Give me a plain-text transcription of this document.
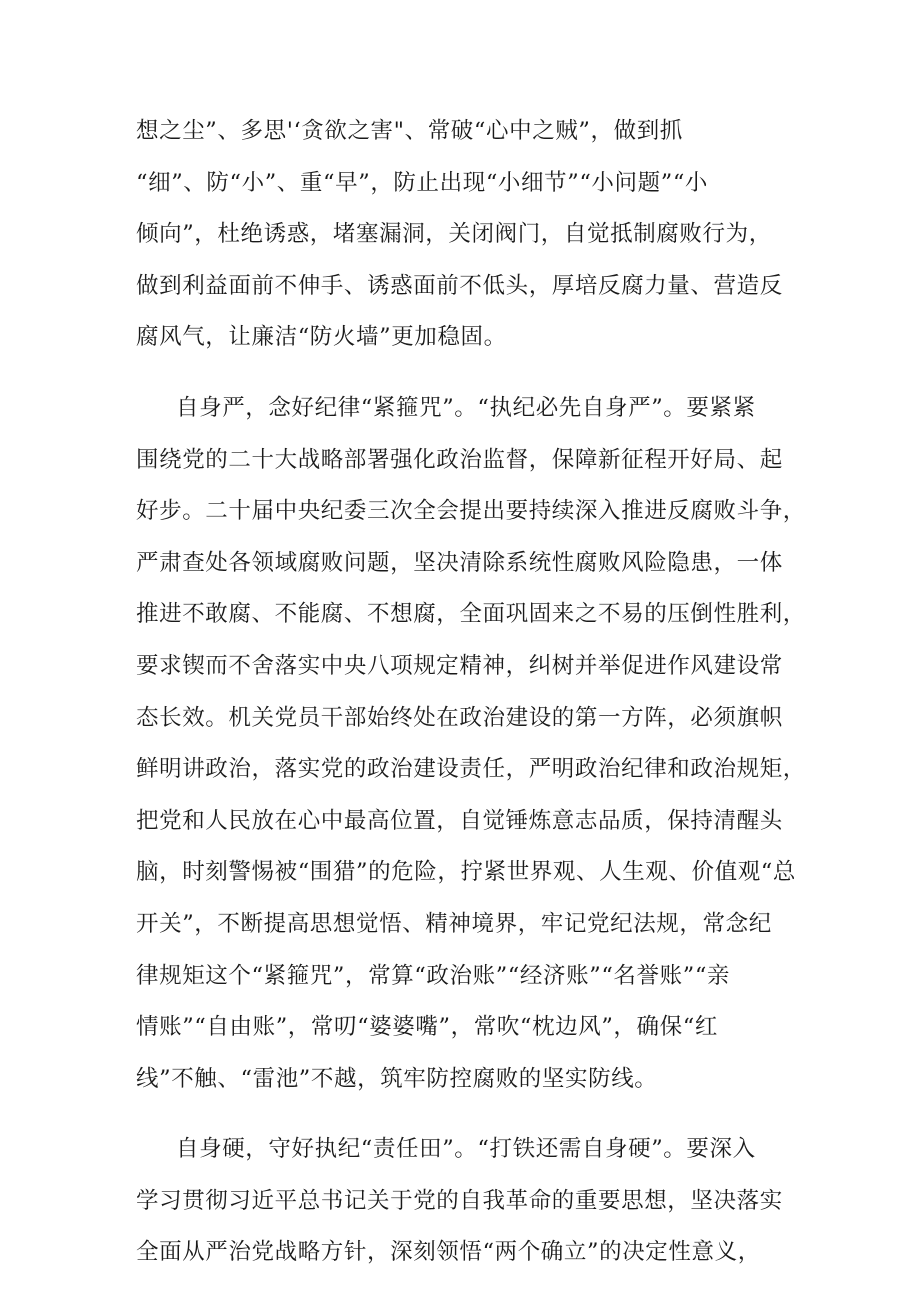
想之尘”、多思'‘贪欲之害"、常破“心中之贼”，做到抓
“细”、防“小”、重“早”，防止出现“小细节”“小问题”“小
倾向”，杜绝诱惑，堵塞漏洞，关闭阀门，自觉抵制腐败行为，
做到利益面前不伸手、诱惑面前不低头，厚培反腐力量、营造反
腐风气，让廉洁“防火墙”更加稳固。
自身严，念好纪律“紧箍咒”。“执纪必先自身严”。要紧紧
围绕党的二十大战略部署强化政治监督，保障新征程开好局、起
好步。二十届中央纪委三次全会提出要持续深入推进反腐败斗争，
严肃查处各领域腐败问题，坚决清除系统性腐败风险隐患，一体
推进不敢腐、不能腐、不想腐，全面巩固来之不易的压倒性胜利，
要求锲而不舍落实中央八项规定精神，纠树并举促进作风建设常
态长效。机关党员干部始终处在政治建设的第一方阵，必须旗帜
鲜明讲政治，落实党的政治建设责任，严明政治纪律和政治规矩，
把党和人民放在心中最高位置，自觉锤炼意志品质，保持清醒头
脑，时刻警惕被“围猎”的危险，拧紧世界观、人生观、价值观“总
开关”，不断提高思想觉悟、精神境界，牢记党纪法规，常念纪
律规矩这个“紧箍咒”，常算“政治账”“经济账”“名誉账”“亲
情账”“自由账”，常叨“婆婆嘴”，常吹“枕边风”，确保“红
线”不触、“雷池”不越，筑牢防控腐败的坚实防线。
自身硬，守好执纪“责任田”。“打铁还需自身硬”。要深入
学习贯彻习近平总书记关于党的自我革命的重要思想，坚决落实
全面从严治党战略方针，深刻领悟“两个确立”的决定性意义，
